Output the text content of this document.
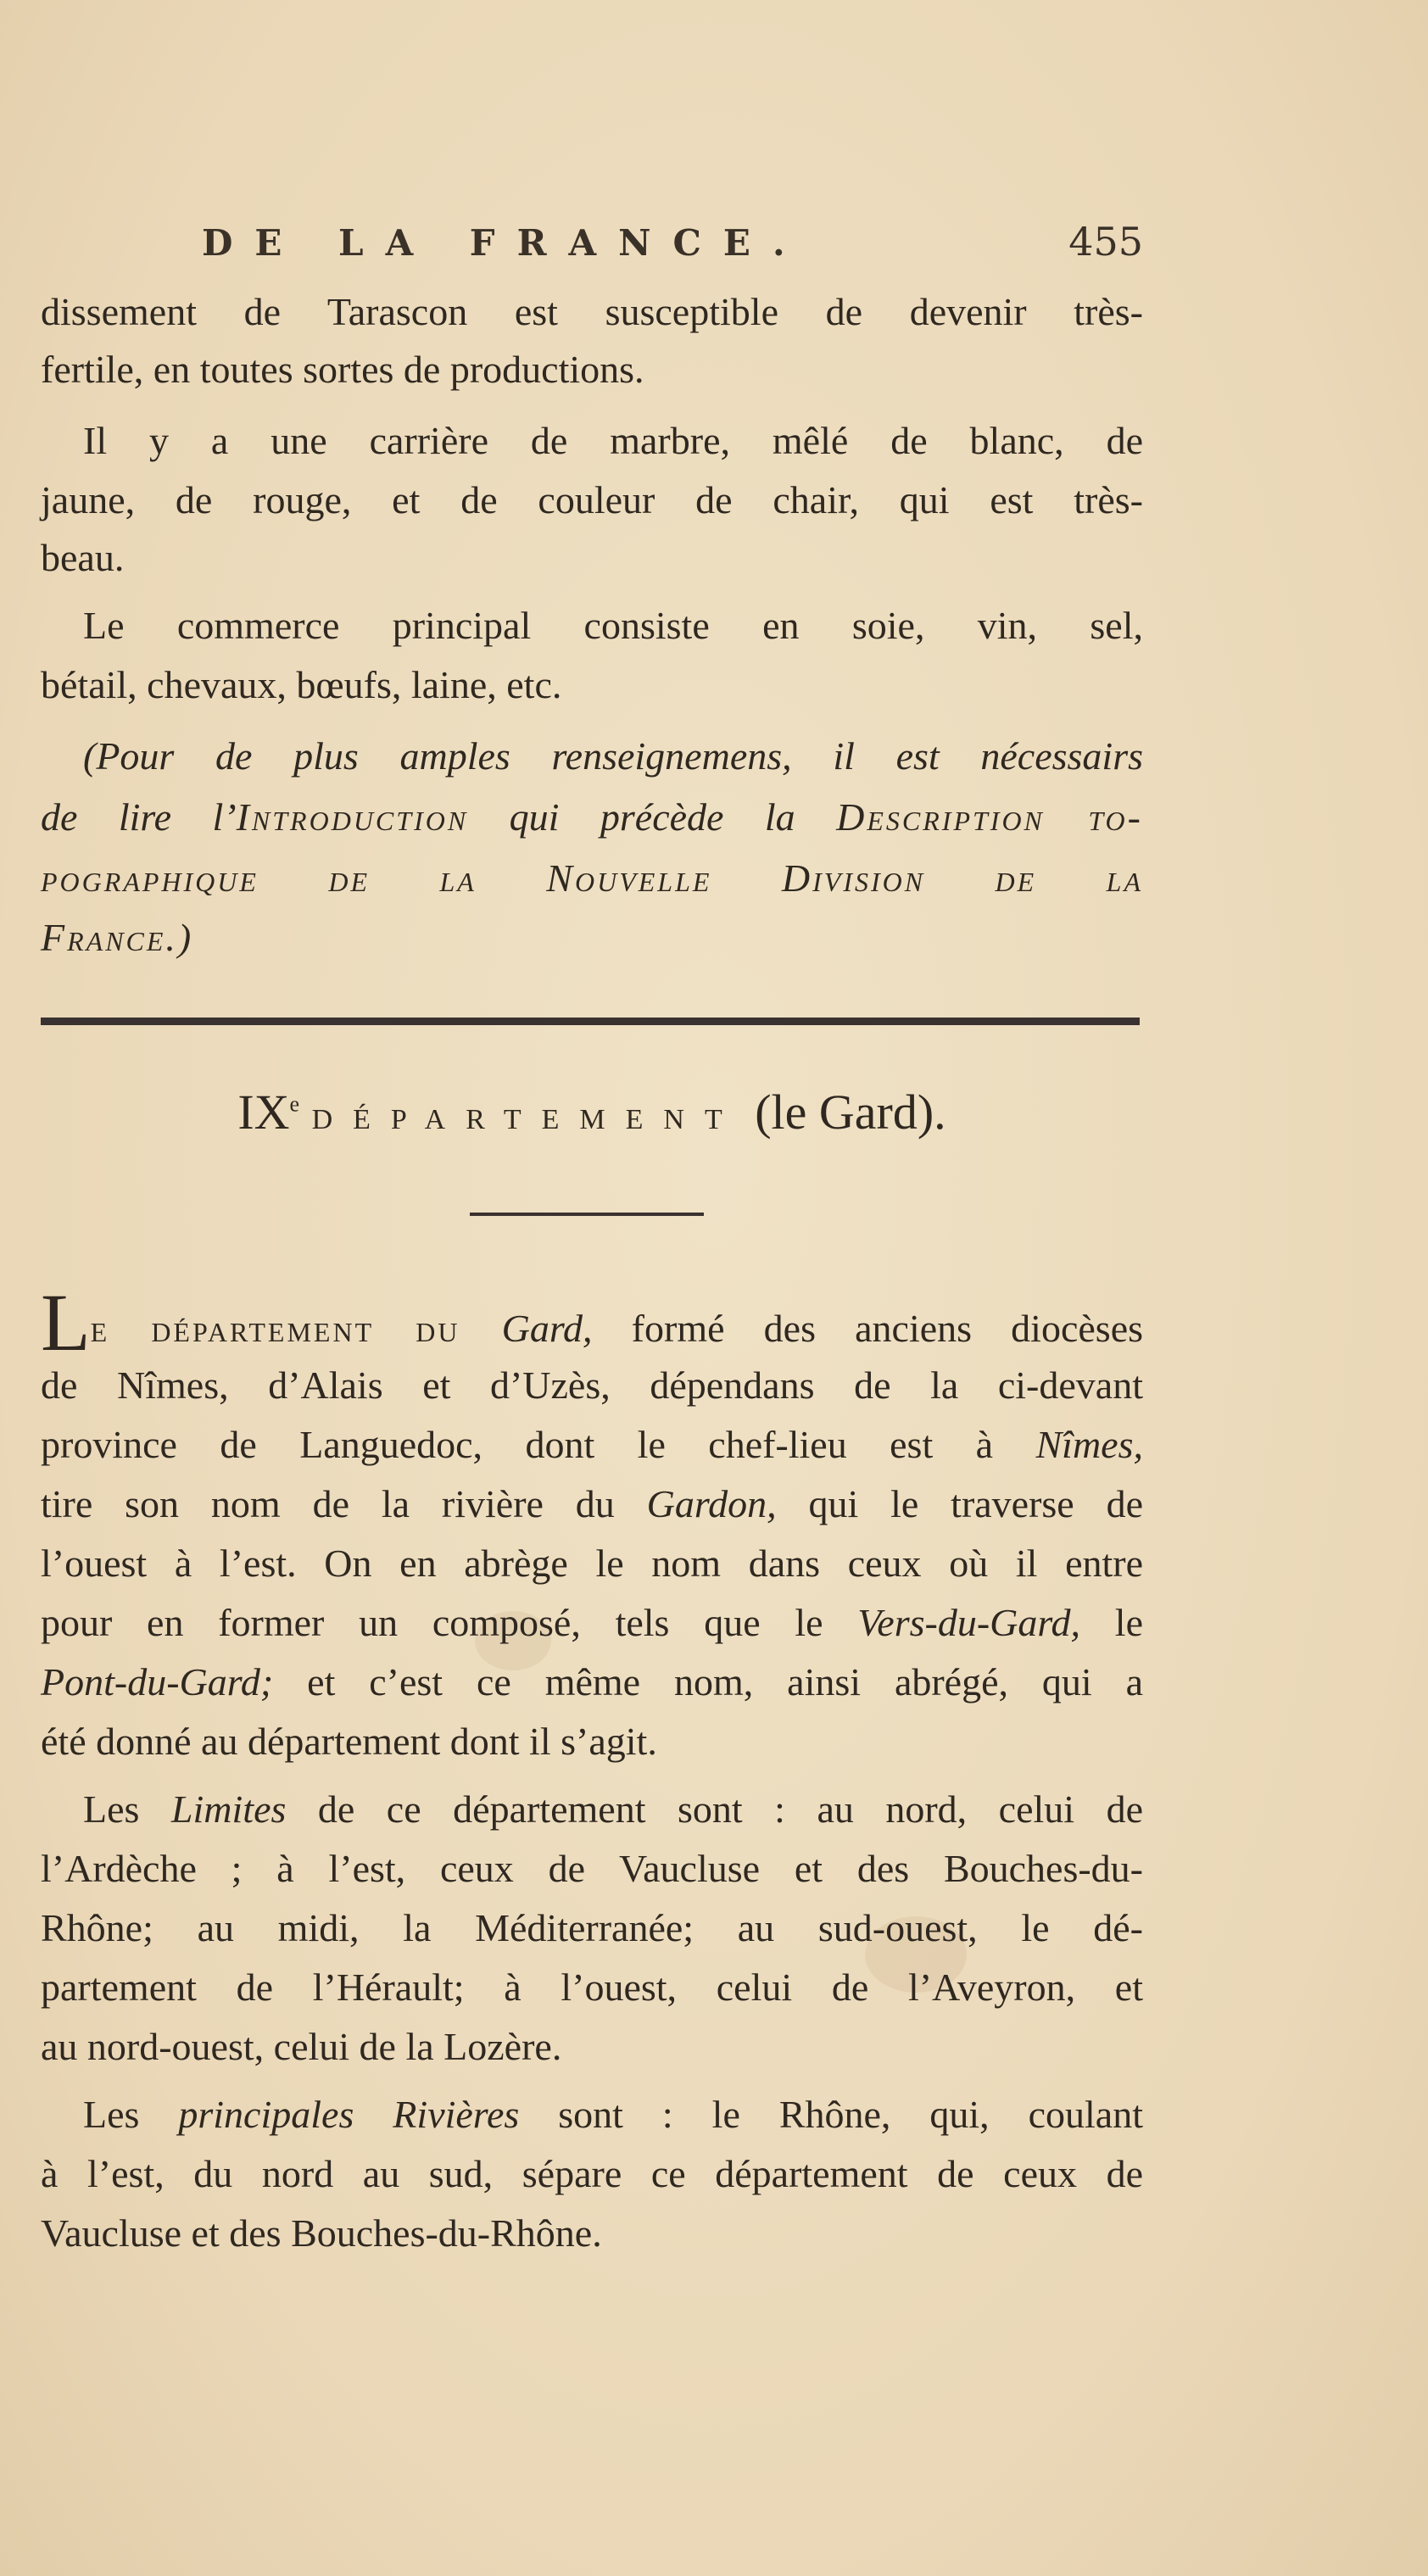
DE LA FRANCE.	455
dissement de Tarascon est susceptible de devenir très-
fertile, en toutes sortes de productions.
Il y a une carrière de marbre, mêlé de blanc, de
jaune, de rouge, et de couleur de chair, qui est très-
beau.
Le commerce principal consiste en soie, vin, sel,
bétail, chevaux, bœufs, laine, etc.
(Pour de plus amples renseignemens, il est nécessairs
de lire l’Introduction qui précède la Description to-
pographique de la Nouvelle Division de la
France.)
IXe DÉPARTEMENT (le Gard).
Le département du Gard, formé des anciens diocèses
de Nîmes, d’Alais et d’Uzès, dépendans de la ci-devant
province de Languedoc, dont le chef-lieu est à Nîmes,
tire son nom de la rivière du Gardon, qui le traverse de
l’ouest à l’est. On en abrège le nom dans ceux où il entre
pour en former un composé, tels que le Vers-du-Gard, le
Pont-du-Gard; et c’est ce même nom, ainsi abrégé, qui a
été donné au département dont il s’agit.
Les Limites de ce département sont : au nord, celui de
l’Ardèche ; à l’est, ceux de Vaucluse et des Bouches-du-
Rhône; au midi, la Méditerranée; au sud-ouest, le dé-
partement de l’Hérault; à l’ouest, celui de l’Aveyron, et
au nord-ouest, celui de la Lozère.
Les principales Rivières sont : le Rhône, qui, coulant
à l’est, du nord au sud, sépare ce département de ceux de
Vaucluse et des Bouches-du-Rhône.
